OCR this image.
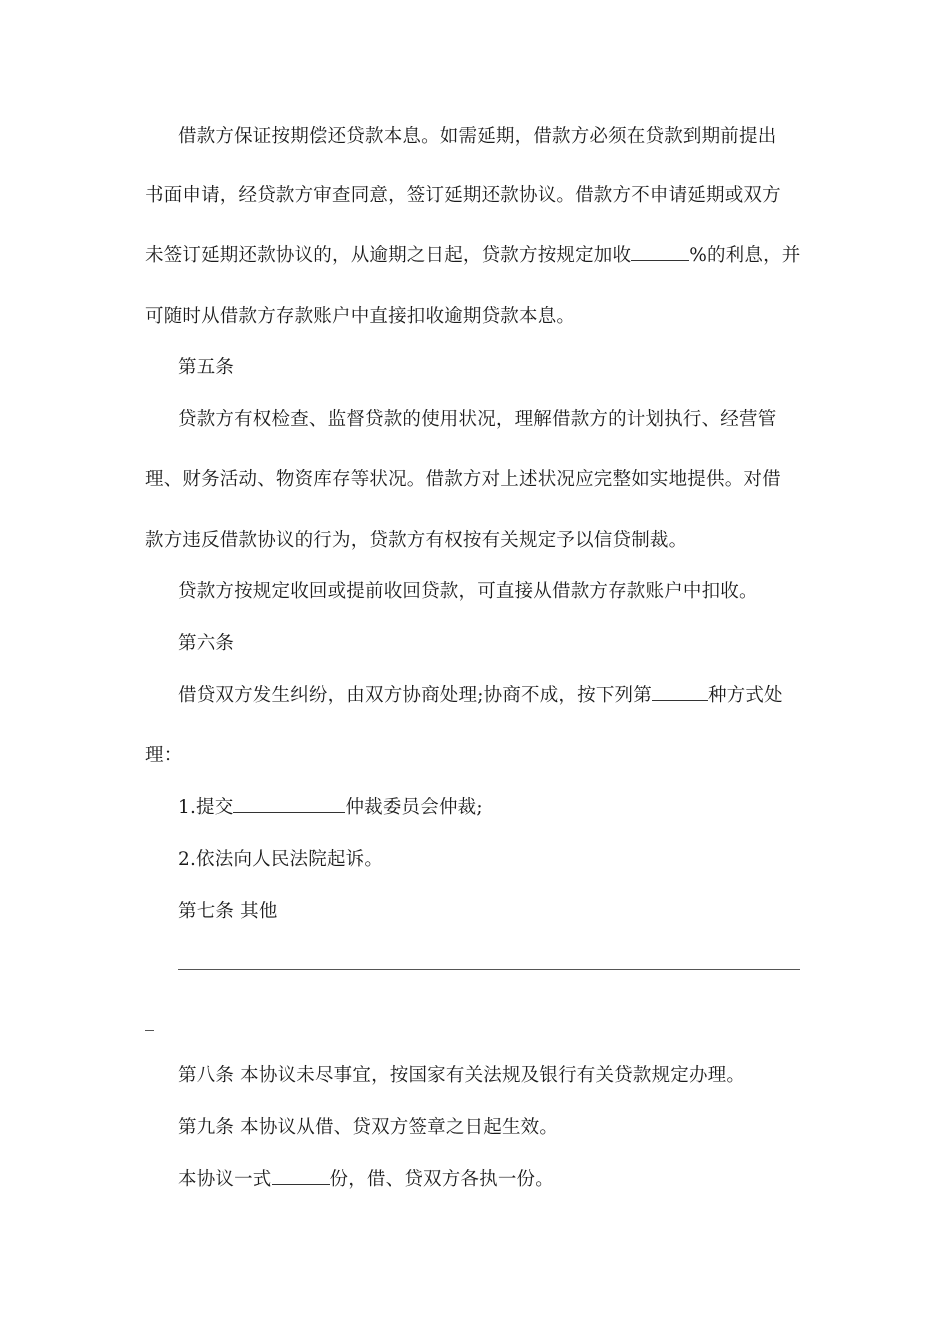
借款方保证按期偿还贷款本息。如需延期，借款方必须在贷款到期前提出
书面申请，经贷款方审查同意，签订延期还款协议。借款方不申请延期或双方
未签订延期还款协议的，从逾期之日起，贷款方按规定加收	%的利息，并
可随时从借款方存款账户中直接扣收逾期贷款本息。
第五条
贷款方有权检查、监督贷款的使用状况，理解借款方的计划执行、经营管
理、财务活动、物资库存等状况。借款方对上述状况应完整如实地提供。对借
款方违反借款协议的行为，贷款方有权按有关规定予以信贷制裁。
贷款方按规定收回或提前收回贷款，可直接从借款方存款账户中扣收。
第六条
借贷双方发生纠纷，由双方协商处理;协商不成，按下列第	种方式处
理：
1.提交	仲裁委员会仲裁;
2.依法向人民法院起诉。
第七条 其他
第八条 本协议未尽事宜，按国家有关法规及银行有关贷款规定办理。
第九条 本协议从借、贷双方签章之日起生效。
本协议一式	份，借、贷双方各执一份。
